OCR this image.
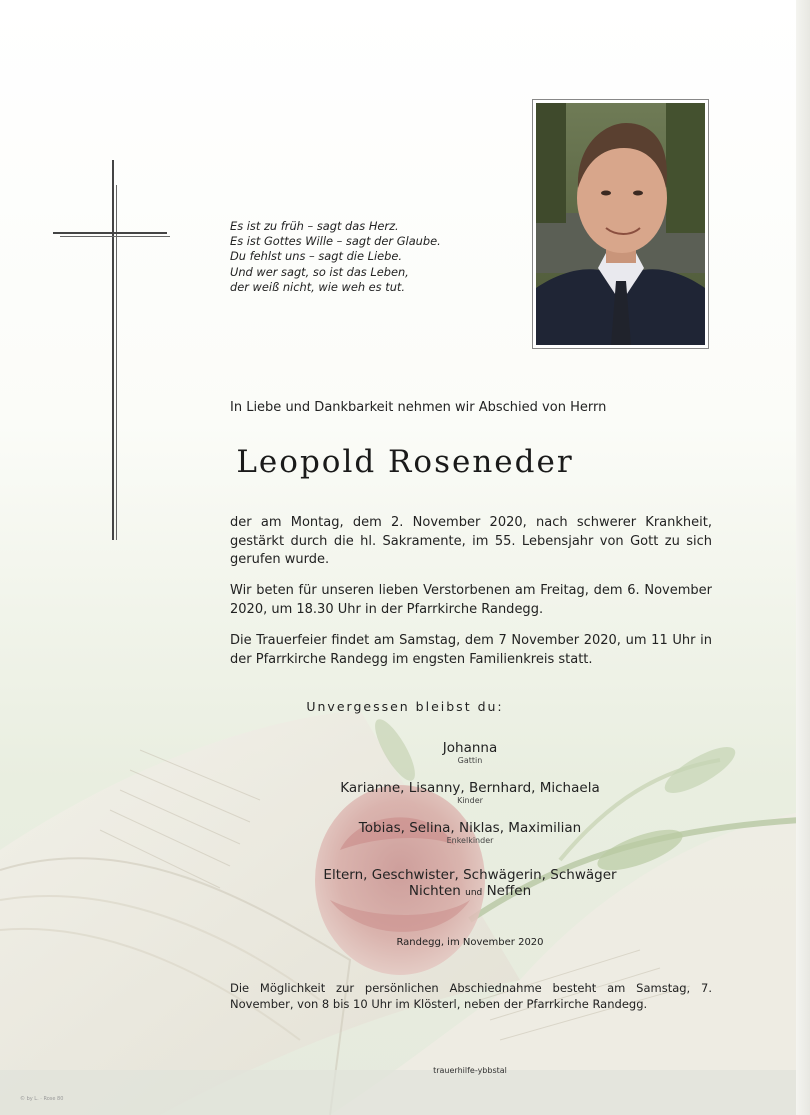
Es ist zu früh – sagt das Herz.
Es ist Gottes Wille – sagt der Glaube.
Du fehlst uns – sagt die Liebe.
Und wer sagt, so ist das Leben,
der weiß nicht, wie weh es tut.
In Liebe und Dankbarkeit nehmen wir Abschied von Herrn
Leopold Roseneder
der am Montag, dem 2. November 2020, nach schwerer Krankheit, gestärkt durch die hl. Sakramente, im 55. Lebensjahr von Gott zu sich gerufen wurde.
Wir beten für unseren lieben Verstorbenen am Freitag, dem 6. November 2020, um 18.30 Uhr in der Pfarrkirche Randegg.
Die Trauerfeier findet am Samstag, dem 7 November 2020, um 11 Uhr in der Pfarrkirche Randegg im engsten Familienkreis statt.
Unvergessen bleibst du:
Johanna
Gattin
Karianne, Lisanny, Bernhard, Michaela
Kinder
Tobias, Selina, Niklas, Maximilian
Enkelkinder
Eltern, Geschwister, Schwägerin, Schwäger
Nichten und Neffen
Randegg, im November 2020
Die Möglichkeit zur persönlichen Abschiednahme besteht am Samstag, 7. November, von 8 bis 10 Uhr im Klösterl, neben der Pfarrkirche Randegg.
trauerhilfe-ybbstal
© by L. · Rose 80
